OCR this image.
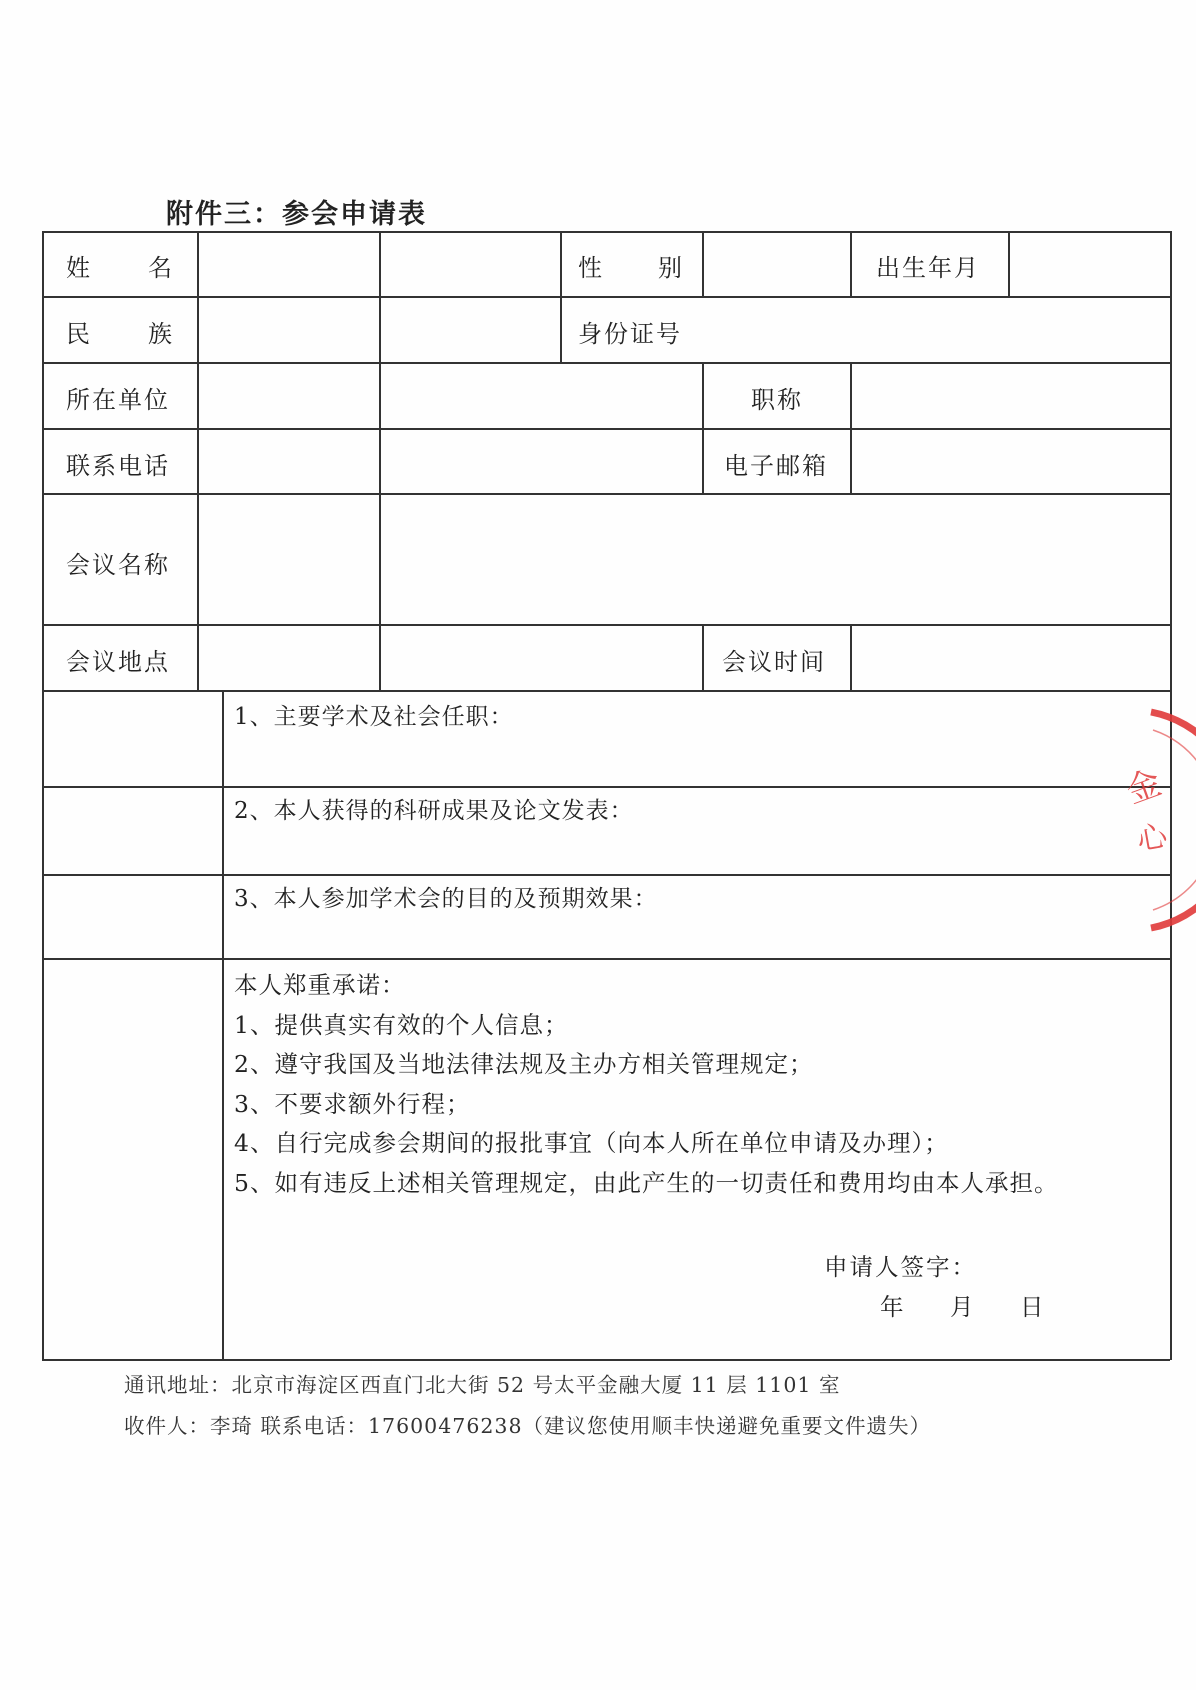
附件三：参会申请表
姓 名	性 别	出生年月
民 族	身份证号
所在单位	职称
联系电话	电子邮箱
会议名称
会议地点	会议时间
1、主要学术及社会任职：
2、本人获得的科研成果及论文发表：
3、本人参加学术会的目的及预期效果：
本人郑重承诺：
1、提供真实有效的个人信息；
2、遵守我国及当地法律法规及主办方相关管理规定；
3、不要求额外行程；
4、自行完成参会期间的报批事宜（向本人所在单位申请及办理）；
5、如有违反上述相关管理规定，由此产生的一切责任和费用均由本人承担。
申请人签字：
年 月 日
金
心
通讯地址：北京市海淀区西直门北大街 52 号太平金融大厦 11 层 1101 室
收件人：李琦 联系电话：17600476238（建议您使用顺丰快递避免重要文件遗失）
